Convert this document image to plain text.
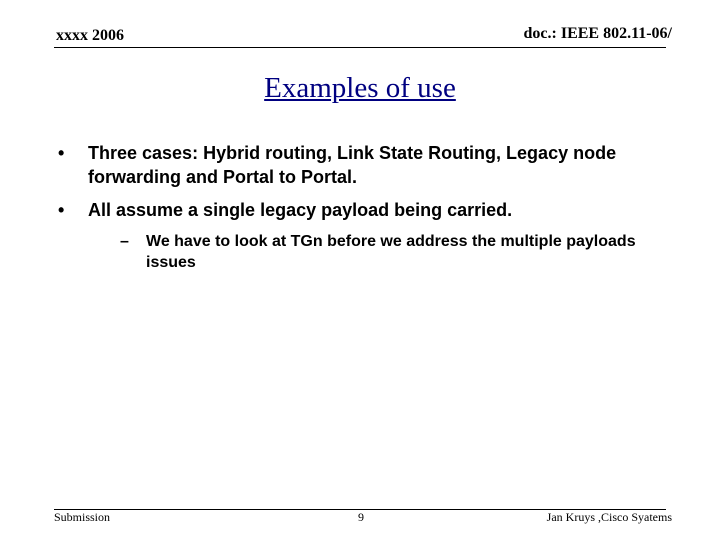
xxxx 2006	doc.: IEEE 802.11-06/
Examples of use
• Three cases: Hybrid routing, Link State Routing, Legacy node forwarding and Portal to Portal.
• All assume a single legacy payload being carried.
– We have to look at TGn before we address the multiple payloads issues
Submission	9	Jan Kruys ,Cisco Syatems
